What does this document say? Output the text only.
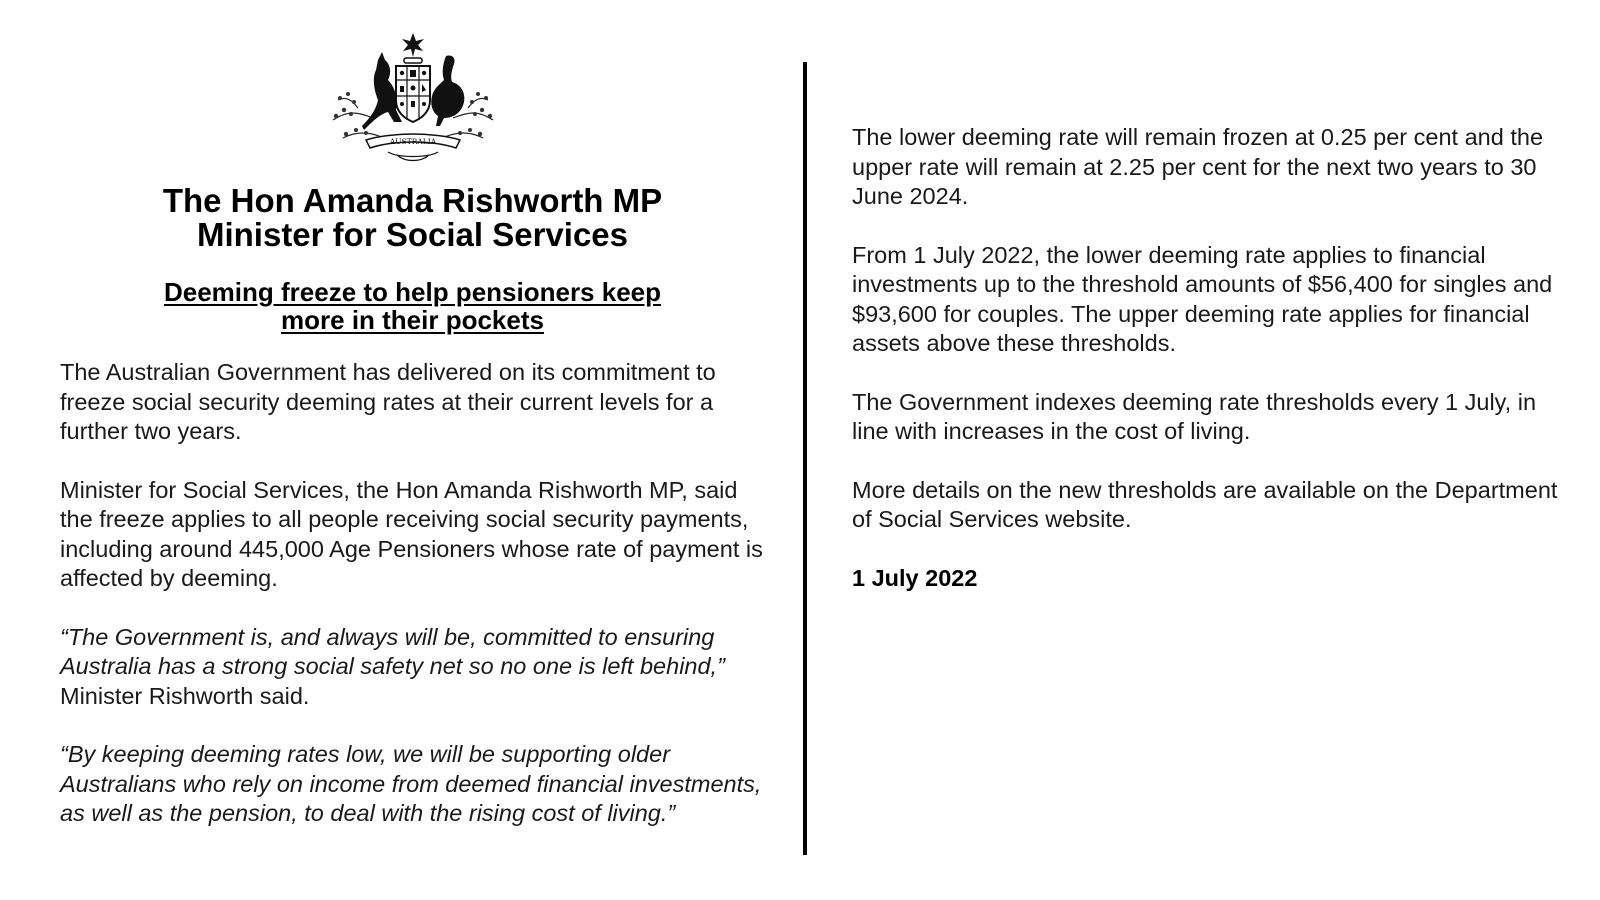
AUSTRALIA
The Hon Amanda Rishworth MP
Minister for Social Services
Deeming freeze to help pensioners keep
more in their pockets

The Australian Government has delivered on its commitment to freeze social security deeming rates at their current levels for a further two years.

Minister for Social Services, the Hon Amanda Rishworth MP, said the freeze applies to all people receiving social security payments, including around 445,000 Age Pensioners whose rate of payment is affected by deeming.

“The Government is, and always will be, committed to ensuring Australia has a strong social safety net so no one is left behind,” Minister Rishworth said.

“By keeping deeming rates low, we will be supporting older Australians who rely on income from deemed financial investments, as well as the pension, to deal with the rising cost of living.”

The lower deeming rate will remain frozen at 0.25 per cent and the upper rate will remain at 2.25 per cent for the next two years to 30 June 2024.

From 1 July 2022, the lower deeming rate applies to financial investments up to the threshold amounts of $56,400 for singles and $93,600 for couples. The upper deeming rate applies for financial assets above these thresholds.

The Government indexes deeming rate thresholds every 1 July, in line with increases in the cost of living.

More details on the new thresholds are available on the Department of Social Services website.

1 July 2022
